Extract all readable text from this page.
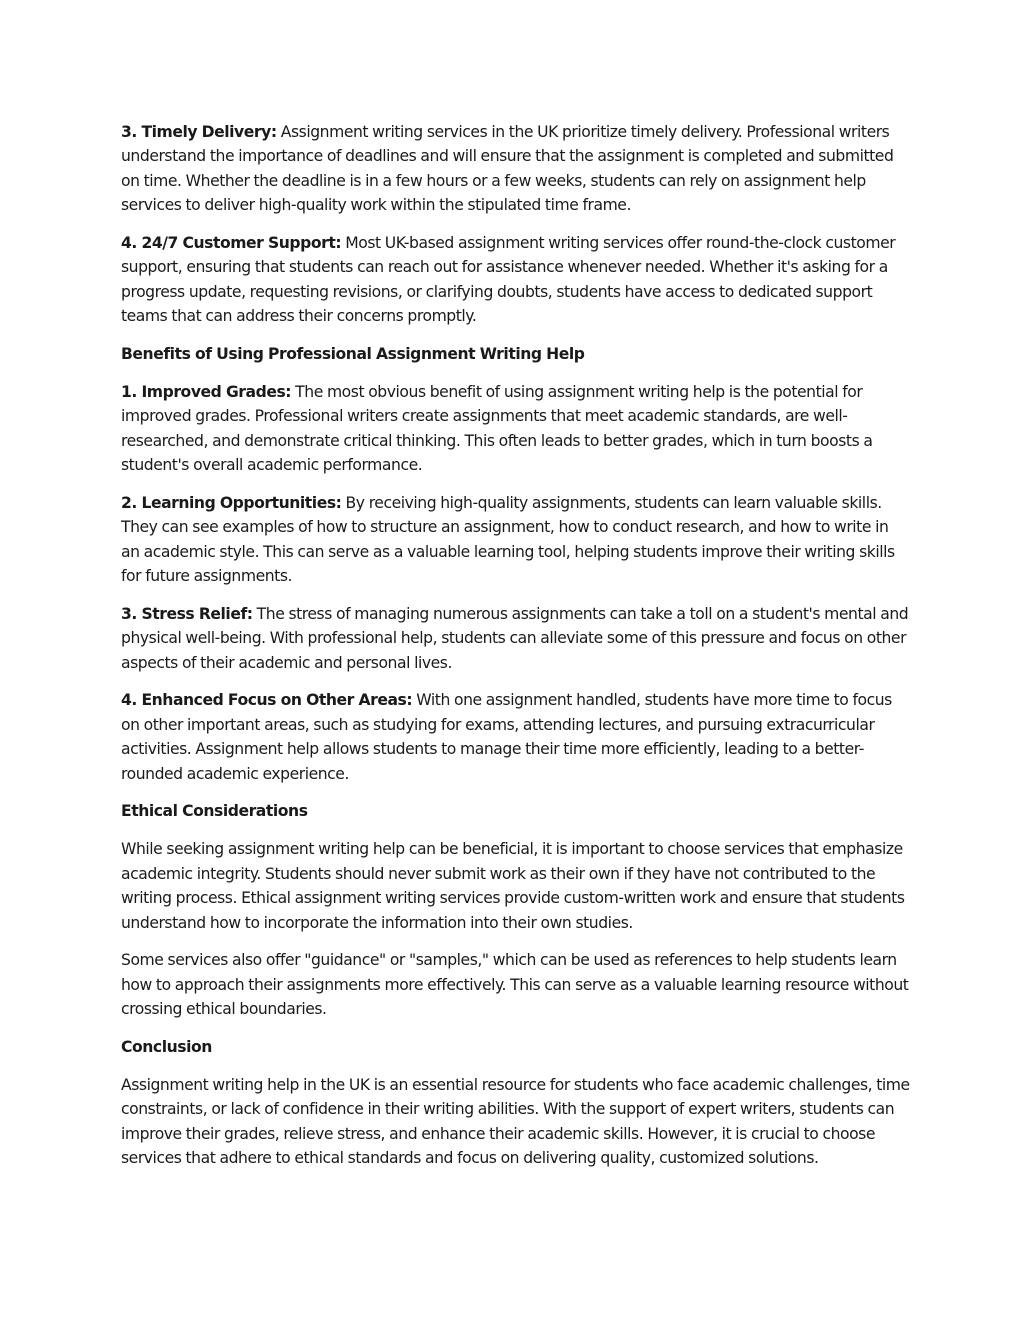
3. Timely Delivery: Assignment writing services in the UK prioritize timely delivery. Professional writers understand the importance of deadlines and will ensure that the assignment is completed and submitted on time. Whether the deadline is in a few hours or a few weeks, students can rely on assignment help services to deliver high-quality work within the stipulated time frame.

4. 24/7 Customer Support: Most UK-based assignment writing services offer round-the-clock customer support, ensuring that students can reach out for assistance whenever needed. Whether it's asking for a progress update, requesting revisions, or clarifying doubts, students have access to dedicated support teams that can address their concerns promptly.

Benefits of Using Professional Assignment Writing Help

1. Improved Grades: The most obvious benefit of using assignment writing help is the potential for improved grades. Professional writers create assignments that meet academic standards, are well-researched, and demonstrate critical thinking. This often leads to better grades, which in turn boosts a student's overall academic performance.

2. Learning Opportunities: By receiving high-quality assignments, students can learn valuable skills. They can see examples of how to structure an assignment, how to conduct research, and how to write in an academic style. This can serve as a valuable learning tool, helping students improve their writing skills for future assignments.

3. Stress Relief: The stress of managing numerous assignments can take a toll on a student's mental and physical well-being. With professional help, students can alleviate some of this pressure and focus on other aspects of their academic and personal lives.

4. Enhanced Focus on Other Areas: With one assignment handled, students have more time to focus on other important areas, such as studying for exams, attending lectures, and pursuing extracurricular activities. Assignment help allows students to manage their time more efficiently, leading to a better-rounded academic experience.

Ethical Considerations

While seeking assignment writing help can be beneficial, it is important to choose services that emphasize academic integrity. Students should never submit work as their own if they have not contributed to the writing process. Ethical assignment writing services provide custom-written work and ensure that students understand how to incorporate the information into their own studies.

Some services also offer "guidance" or "samples," which can be used as references to help students learn how to approach their assignments more effectively. This can serve as a valuable learning resource without crossing ethical boundaries.

Conclusion

Assignment writing help in the UK is an essential resource for students who face academic challenges, time constraints, or lack of confidence in their writing abilities. With the support of expert writers, students can improve their grades, relieve stress, and enhance their academic skills. However, it is crucial to choose services that adhere to ethical standards and focus on delivering quality, customized solutions.
